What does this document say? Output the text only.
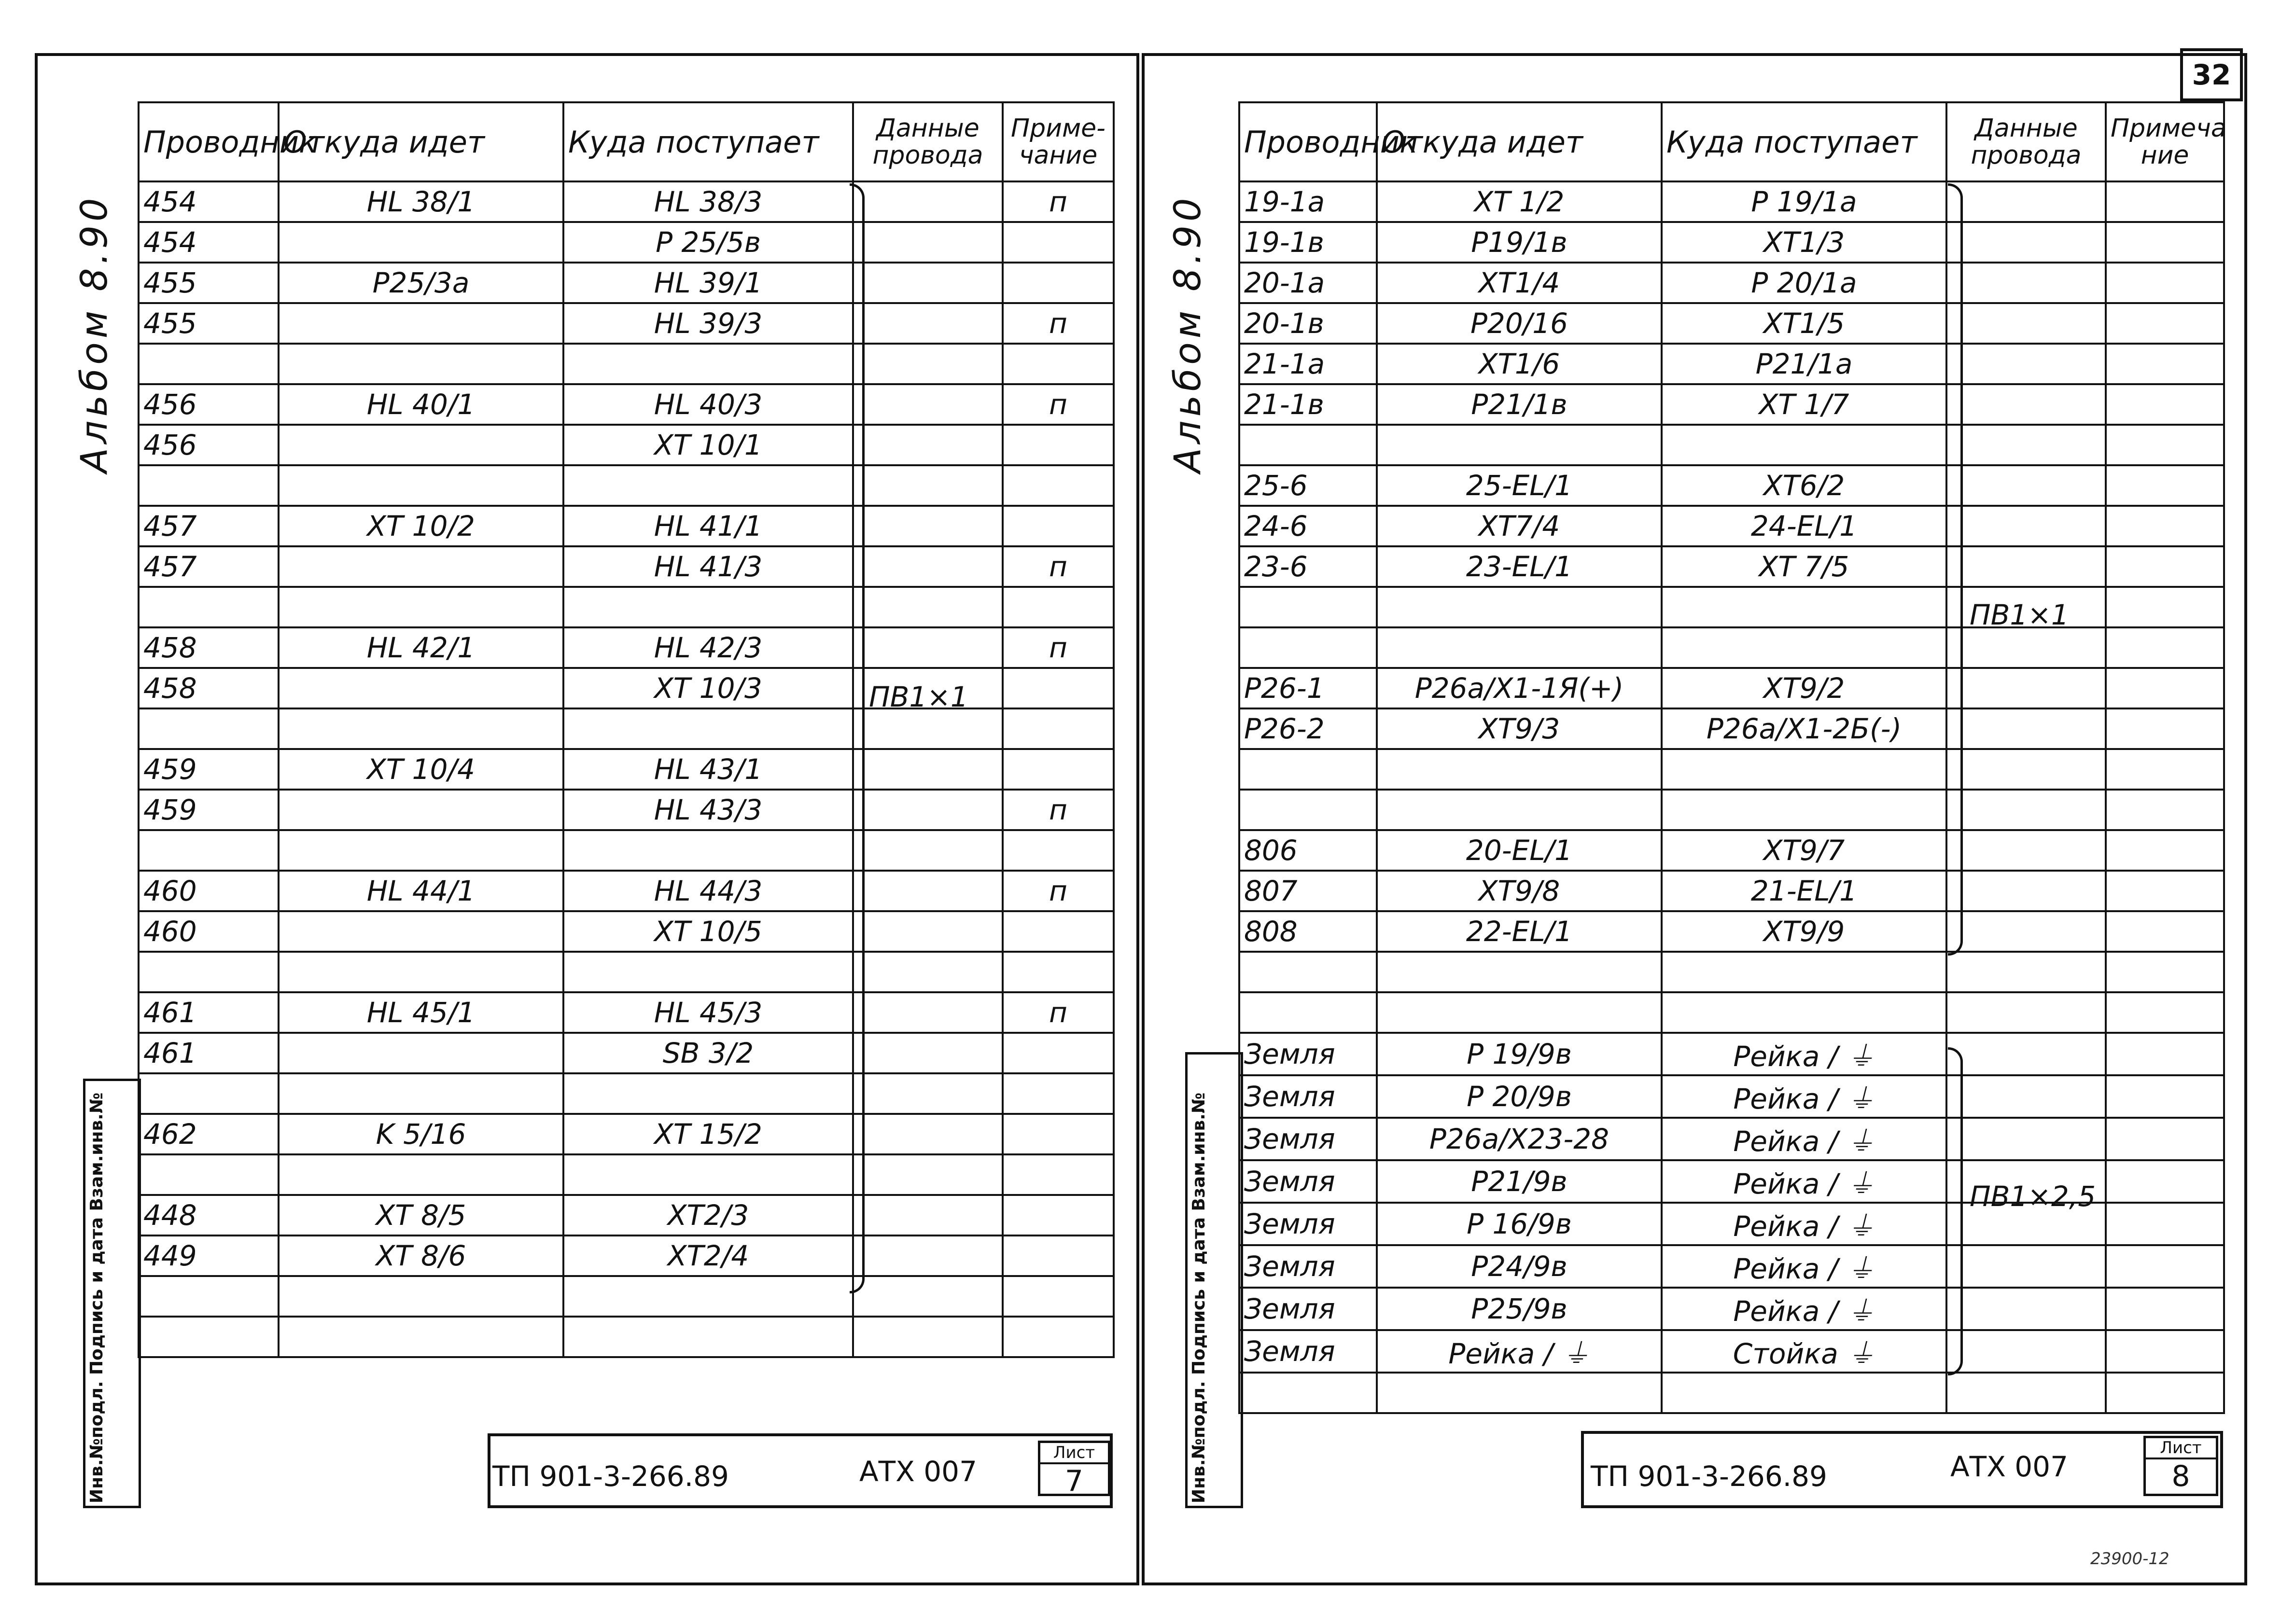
32
Альбом 8.90	Альбом 8.90
Проводник	Откуда идет	Куда поступает	Данные провода	Приме- чание
454	HL 38/1	HL 38/3		п
454		Р 25/5в		
455	Р25/3а	HL 39/1		
455		HL 39/3		п

456	HL 40/1	HL 40/3		п
456		XT 10/1		

457	XT 10/2	HL 41/1		
457		HL 41/3		п

458	HL 42/1	HL 42/3		п
458		XT 10/3		

459	XT 10/4	HL 43/1		
459		HL 43/3		п

460	HL 44/1	HL 44/3		п
460		XT 10/5		

461	HL 45/1	HL 45/3		п
461		SB 3/2		

462	K 5/16	XT 15/2		

448	XT 8/5	XT2/3		
449	XT 8/6	XT2/4		

ПВ1×1
Инв.№подл. Подпись и дата Взам.инв.№	ТП 901-3-266.89	АТХ 007
Лист
7
Проводник	Откуда идет	Куда поступает	Данные провода	Примеча ние
19-1а	XT 1/2	Р 19/1а		
19-1в	Р19/1в	XT1/3		
20-1а	XT1/4	Р 20/1а		
20-1в	Р20/16	XT1/5		
21-1а	XT1/6	Р21/1а		
21-1в	Р21/1в	XT 1/7		

25-6	25-EL/1	XT6/2		
24-6	XT7/4	24-EL/1		
23-6	23-EL/1	XT 7/5		

Р26-1	Р26а/X1-1Я(+)	XT9/2		
Р26-2	XT9/3	Р26а/X1-2Б(-)		

806	20-EL/1	XT9/7		
807	XT9/8	21-EL/1		
808	22-EL/1	XT9/9		

Земля	Р 19/9в	Рейка / ⏚		
Земля	Р 20/9в	Рейка / ⏚		
Земля	Р26а/X23-28	Рейка / ⏚		
Земля	Р21/9в	Рейка / ⏚		
Земля	Р 16/9в	Рейка / ⏚		
Земля	Р24/9в	Рейка / ⏚		
Земля	Р25/9в	Рейка / ⏚		
Земля	Рейка / ⏚	Стойка ⏚		

ПВ1×1
ПВ1×2,5
Инв.№подл. Подпись и дата Взам.инв.№	ТП 901-3-266.89	АТХ 007
Лист
8
23900-12
